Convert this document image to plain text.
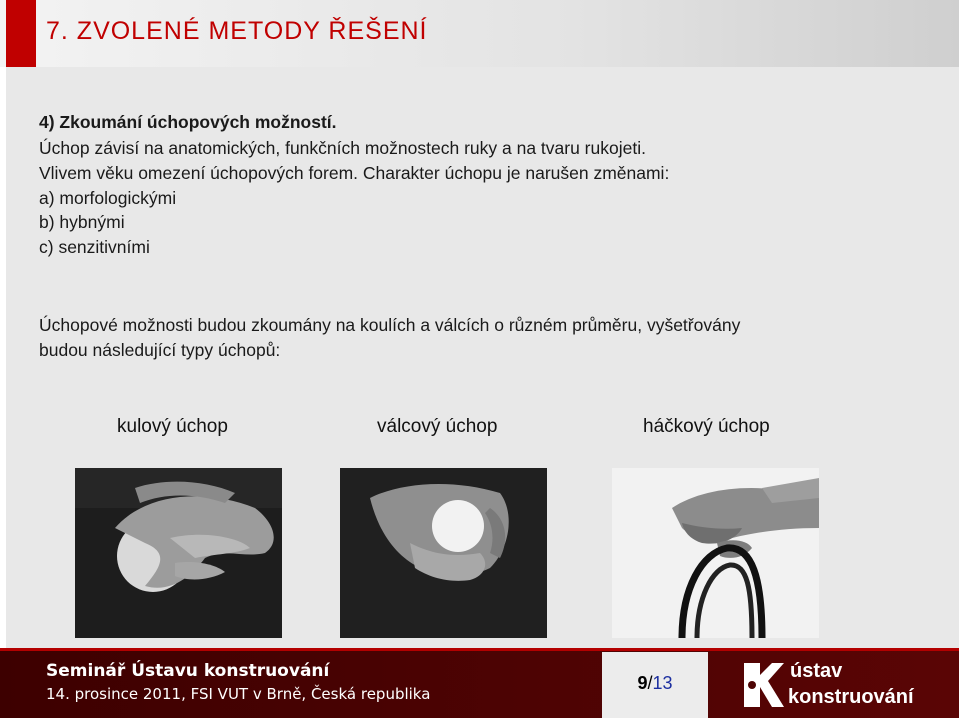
7. ZVOLENÉ METODY ŘEŠENÍ
4) Zkoumání úchopových možností.
Úchop závisí na anatomických, funkčních možnostech ruky a na tvaru rukojeti.
Vlivem věku omezení úchopových forem. Charakter úchopu je narušen změnami:
a) morfologickými
b) hybnými
c) senzitivními
Úchopové možnosti budou zkoumány na koulích a válcích o různém průměru, vyšetřovány
budou následující typy úchopů:
kulový úchop	válcový úchop	háčkový úchop
Seminář Ústavu konstruování
14. prosince 2011, FSI VUT v Brně, Česká republika
9/13
ústav
konstruování
